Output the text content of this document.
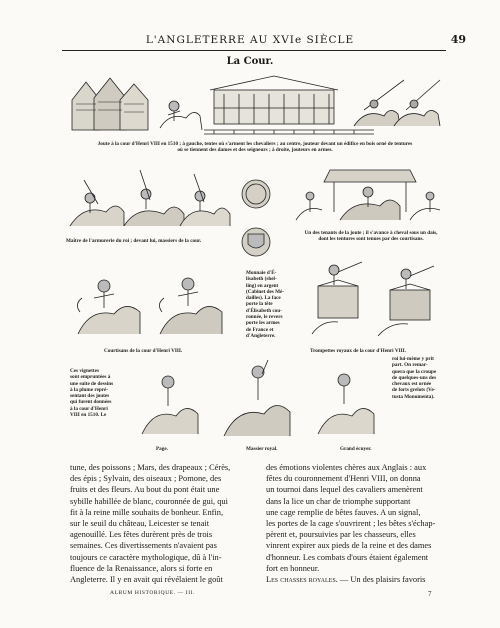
L'ANGLETERRE AU XVIe SIÈCLE	49
La Cour.
Joute à la cour d'Henri VIII en 1510 ; à gauche, tentes où s'arment les chevaliers ; au centre, jouteur devant un édifice en bois orné de tentures
où se tiennent des dames et des seigneurs ; à droite, jouteurs en armes.
Maître de l'armurerie du roi ; devant lui, massiers de la cour.
Un des tenants de la joute ; il s'avance à cheval sous un dais,
dont les tentures sont tenues par des courtisans.
Monnaie d'É-
lisabeth (shel-
ling) en argent
(Cabinet des Mé-
dailles). La face
porte la tête
d'Élisabeth cou-
ronnée, le revers
porte les armes
de France et
d'Angleterre.
Courtisans de la cour d'Henri VIII.	Trompettes royaux de la cour d'Henri VIII.
Ces vignettes
sont empruntées à
une suite de dessins
à la plume repré-
sentant des joutes
qui furent données
à la cour d'Henri
VIII en 1510. Le
roi lui-même y prit
part. On remar-
quera que la croupe
de quelques-uns des
chevaux est ornée
de forts grelots (Ve-
tusta Monumenta).
Page.	Massier royal.	Grand écuyer.
tune, des poissons ; Mars, des drapeaux ; Cérès,
des épis ; Sylvain, des oiseaux ; Pomone, des
fruits et des fleurs. Au bout du pont était une
sybille habillée de blanc, couronnée de gui, qui
fit à la reine mille souhaits de bonheur. Enfin,
sur le seuil du château, Leicester se tenait
agenouillé. Les fêtes durèrent près de trois
semaines. Ces divertissements n'avaient pas
toujours ce caractère mythologique, dû à l'in-
fluence de la Renaissance, alors si forte en
Angleterre. Il y en avait qui révélaient le goût
des émotions violentes chères aux Anglais : aux
fêtes du couronnement d'Henri VIII, on donna
un tournoi dans lequel des cavaliers amenèrent
dans la lice un char de triomphe supportant
une cage remplie de bêtes fauves. A un signal,
les portes de la cage s'ouvrirent ; les bêtes s'échap-
pèrent et, poursuivies par les chasseurs, elles
vinrent expirer aux pieds de la reine et des dames
d'honneur. Les combats d'ours étaient également
fort en honneur.
Les chasses royales. — Un des plaisirs favoris
ALBUM HISTORIQUE. — III.	7
